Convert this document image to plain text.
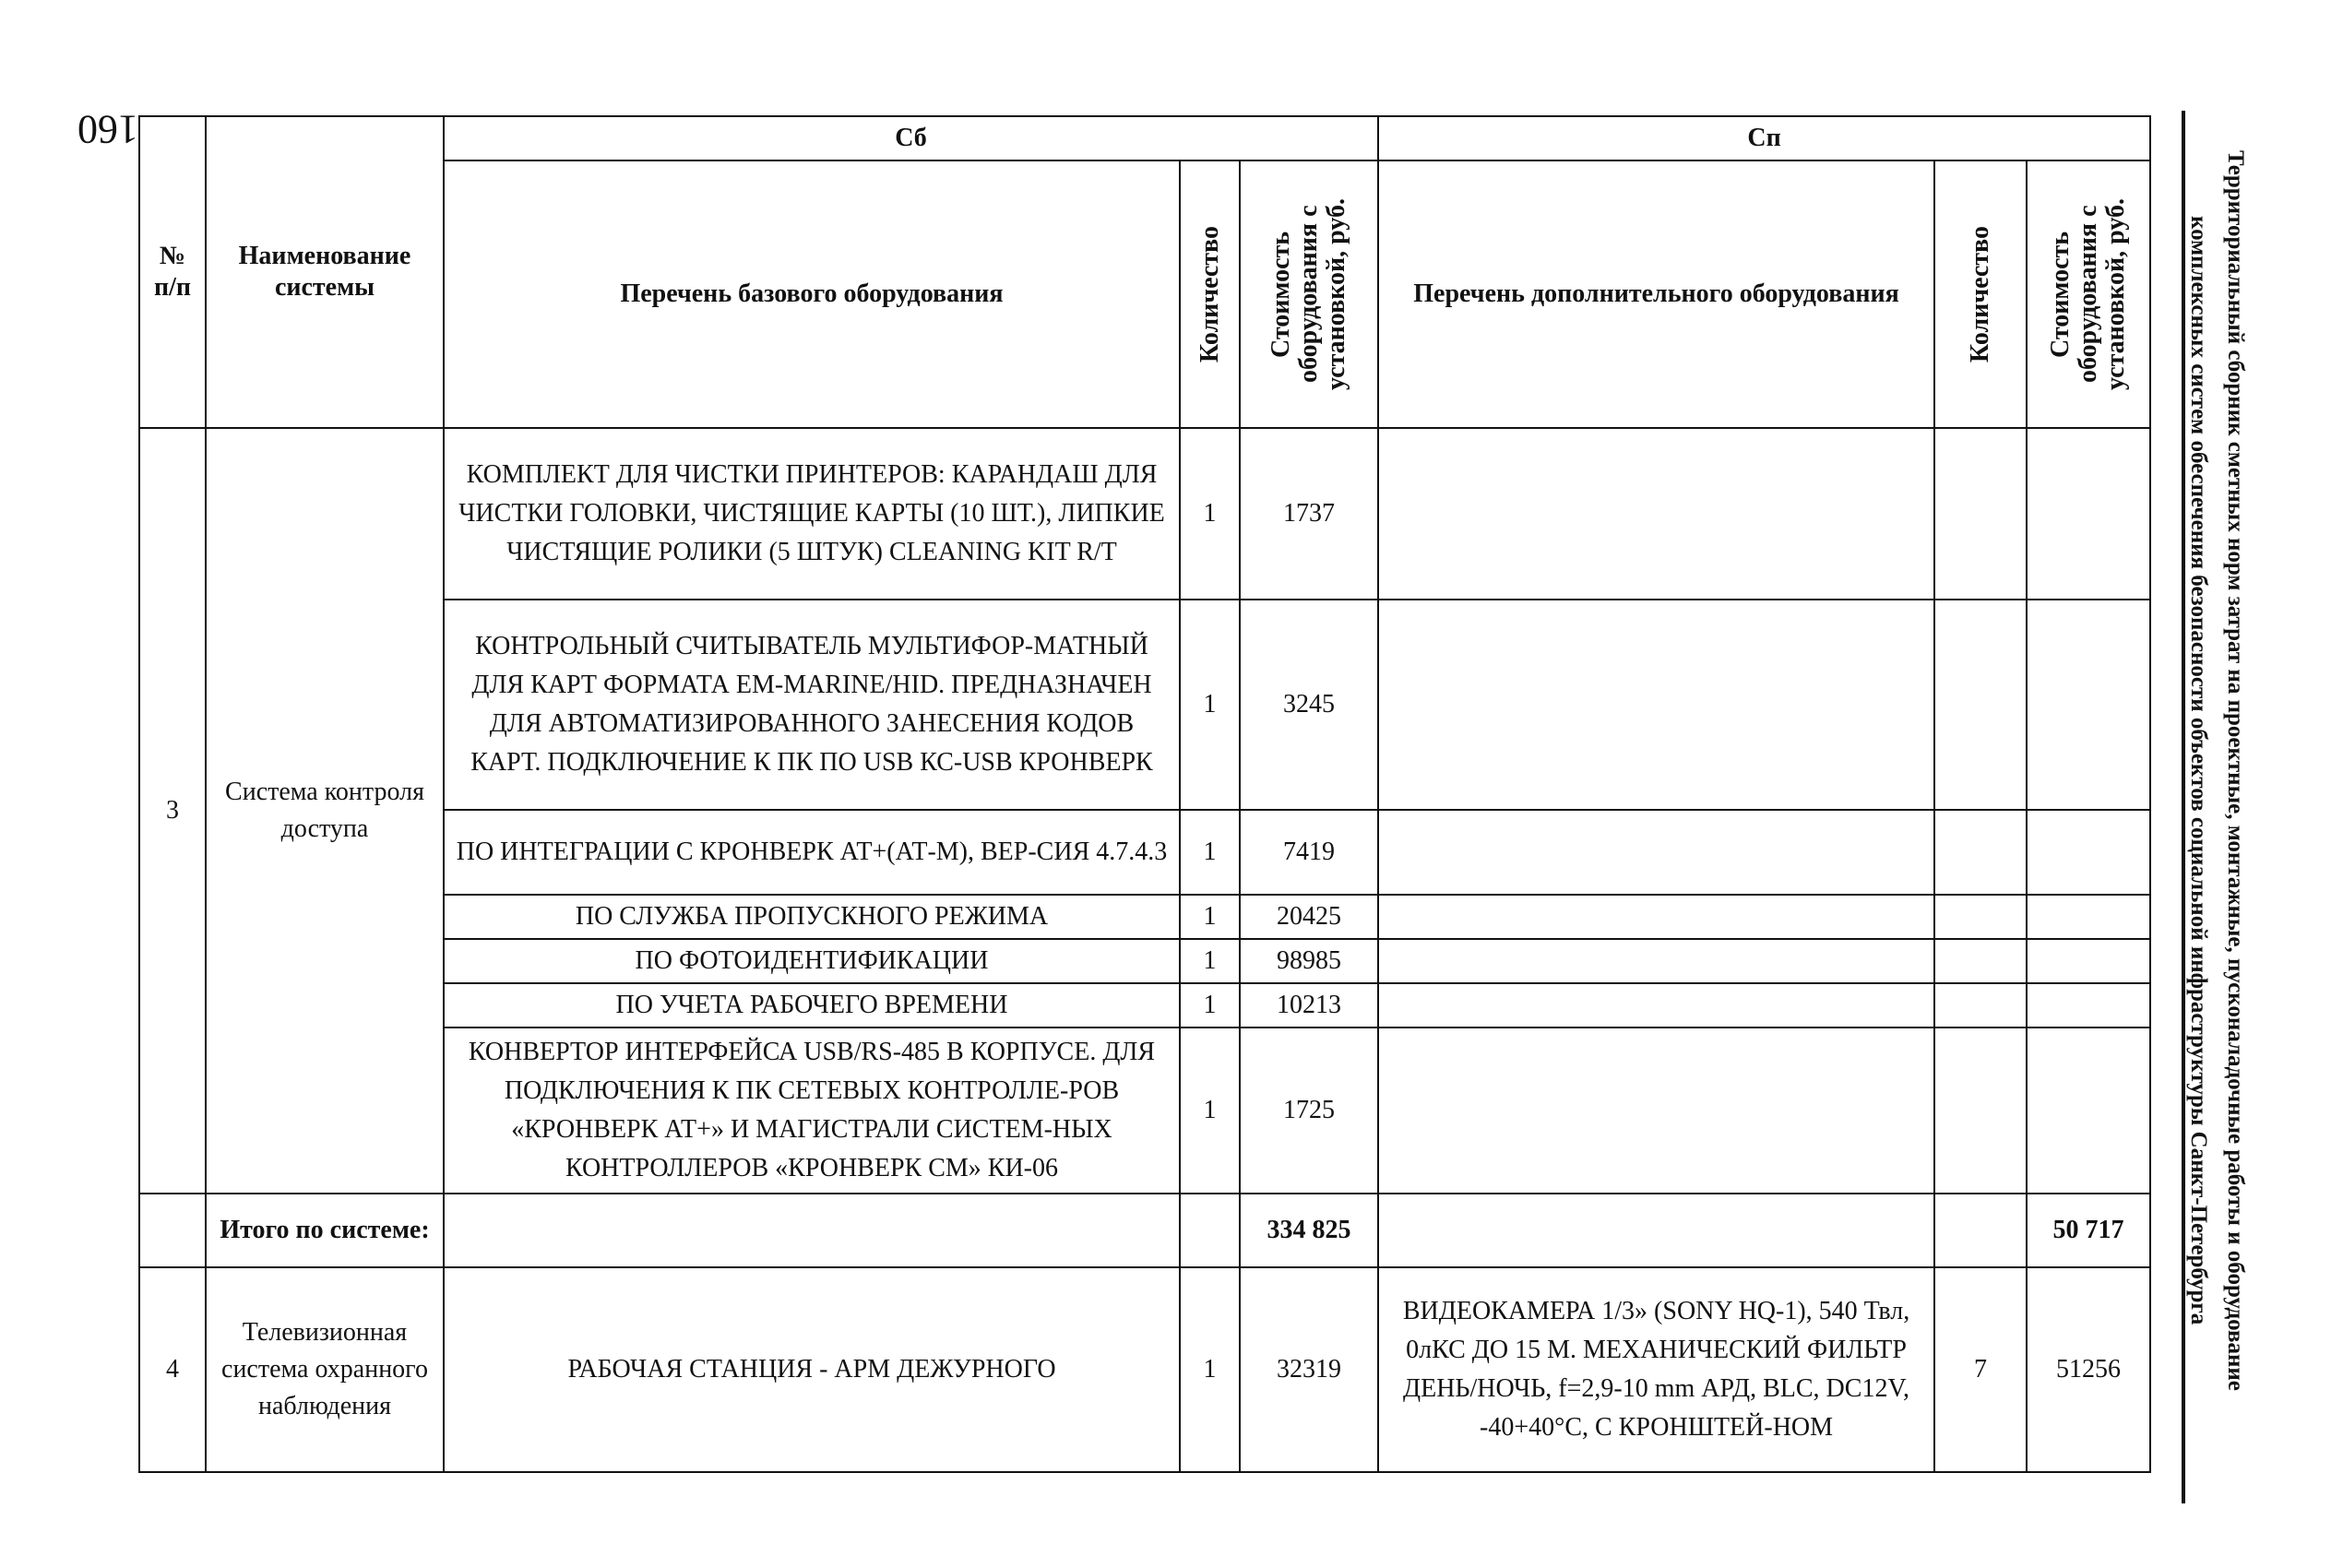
160
Территориальный сборник сметных норм затрат на проектные, монтажные, пусконаладочные работы и оборудование комплексных систем обеспечения безопасности объектов социальной инфраструктуры Санкт-Петербурга
№ п/п	Наименование системы	Сб			Сп		
		Перечень базового оборудования	Количество	Стоимость оборудования с установкой, руб.	Перечень дополнительного оборудования	Количество	Стоимость оборудования с установкой, руб.

3	Система контроля доступа	КОМПЛЕКТ ДЛЯ ЧИСТКИ ПРИНТЕРОВ: КАРАНДАШ ДЛЯ ЧИСТКИ ГОЛОВКИ, ЧИСТЯЩИЕ КАРТЫ (10 ШТ.), ЛИПКИЕ ЧИСТЯЩИЕ РОЛИКИ (5 ШТУК) CLEANING KIT R/T	1	1737			
		КОНТРОЛЬНЫЙ СЧИТЫВАТЕЛЬ МУЛЬТИФОР-МАТНЫЙ ДЛЯ КАРТ ФОРМАТА EM-MARINE/HID. ПРЕДНАЗНАЧЕН ДЛЯ АВТОМАТИЗИРОВАННОГО ЗАНЕСЕНИЯ КОДОВ КАРТ. ПОДКЛЮЧЕНИЕ К ПК ПО USB КС-USB КРОНВЕРК	1	3245			
		ПО ИНТЕГРАЦИИ С КРОНВЕРК АТ+(АТ-М), ВЕР-СИЯ 4.7.4.3	1	7419			
		ПО СЛУЖБА ПРОПУСКНОГО РЕЖИМА	1	20425			
		ПО ФОТОИДЕНТИФИКАЦИИ	1	98985			
		ПО УЧЕТА РАБОЧЕГО ВРЕМЕНИ	1	10213			
		КОНВЕРТОР ИНТЕРФЕЙСА USB/RS-485 В КОРПУСЕ. ДЛЯ ПОДКЛЮЧЕНИЯ К ПК СЕТЕВЫХ КОНТРОЛЛЕ-РОВ «КРОНВЕРК АТ+» И МАГИСТРАЛИ СИСТЕМ-НЫХ КОНТРОЛЛЕРОВ «КРОНВЕРК СМ» КИ-06	1	1725			
	Итого по системе:			334 825			50 717
4	Телевизионная система охранного наблюдения	РАБОЧАЯ СТАНЦИЯ - АРМ ДЕЖУРНОГО	1	32319	ВИДЕОКАМЕРА 1/3» (SONY HQ-1), 540 Твл, 0лКС ДО 15 М. МЕХАНИЧЕСКИЙ ФИЛЬТР ДЕНЬ/НОЧЬ, f=2,9-10 mm АРД, BLC, DC12V, -40+40°С, С КРОНШТЕЙ-НОМ	7	51256
